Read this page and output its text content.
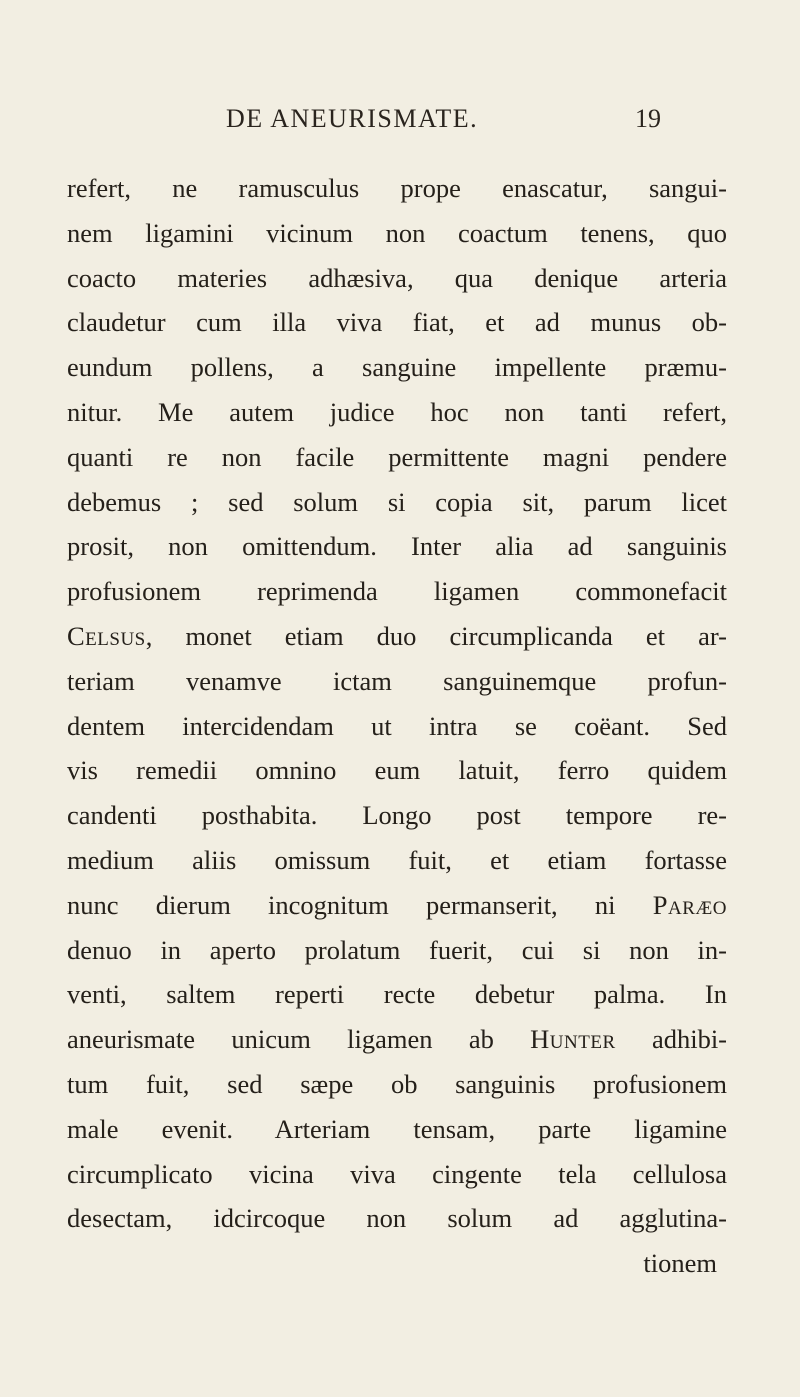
DE ANEURISMATE.	19
refert, ne ramusculus prope enascatur, sangui-
nem ligamini vicinum non coactum tenens, quo
coacto materies adhæsiva, qua denique arteria
claudetur cum illa viva fiat, et ad munus ob-
eundum pollens, a sanguine impellente præmu-
nitur. Me autem judice hoc non tanti refert,
quanti re non facile permittente magni pendere
debemus ; sed solum si copia sit, parum licet
prosit, non omittendum. Inter alia ad sanguinis
profusionem reprimenda ligamen commonefacit
Celsus, monet etiam duo circumplicanda et ar-
teriam venamve ictam sanguinemque profun-
dentem intercidendam ut intra se coëant. Sed
vis remedii omnino eum latuit, ferro quidem
candenti posthabita. Longo post tempore re-
medium aliis omissum fuit, et etiam fortasse
nunc dierum incognitum permanserit, ni Paræo
denuo in aperto prolatum fuerit, cui si non in-
venti, saltem reperti recte debetur palma. In
aneurismate unicum ligamen ab Hunter adhibi-
tum fuit, sed sæpe ob sanguinis profusionem
male evenit. Arteriam tensam, parte ligamine
circumplicato vicina viva cingente tela cellulosa
desectam, idcircoque non solum ad agglutina-
tionem
